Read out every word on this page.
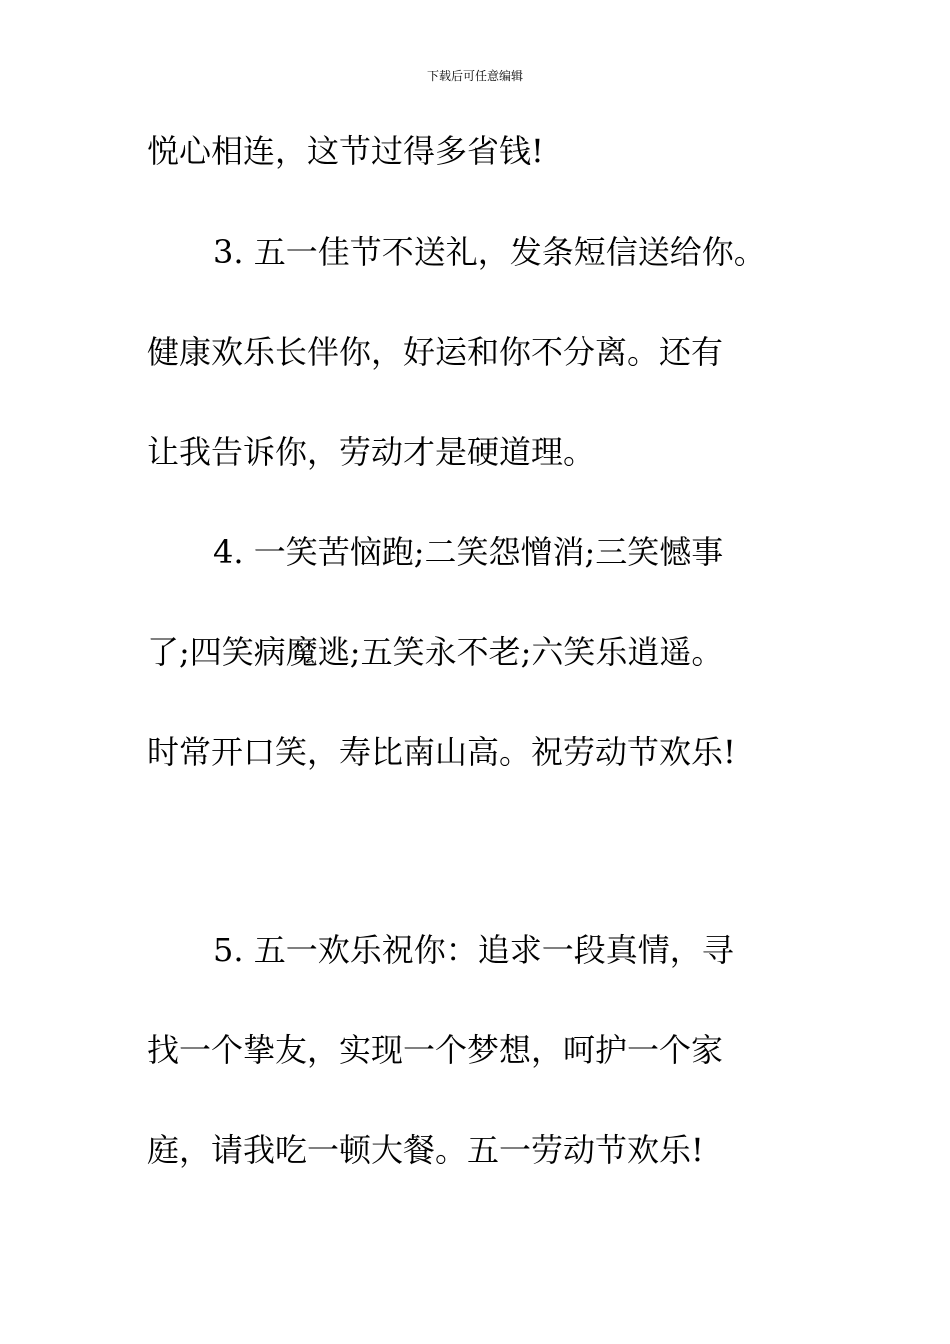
下载后可任意编辑
悦心相连，这节过得多省钱!
3. 五一佳节不送礼，发条短信送给你。
健康欢乐长伴你，好运和你不分离。还有
让我告诉你，劳动才是硬道理。
4. 一笑苦恼跑;二笑怨憎消;三笑憾事
了;四笑病魔逃;五笑永不老;六笑乐逍遥。
时常开口笑，寿比南山高。祝劳动节欢乐!
5. 五一欢乐祝你：追求一段真情，寻
找一个挚友，实现一个梦想，呵护一个家
庭，请我吃一顿大餐。五一劳动节欢乐!
